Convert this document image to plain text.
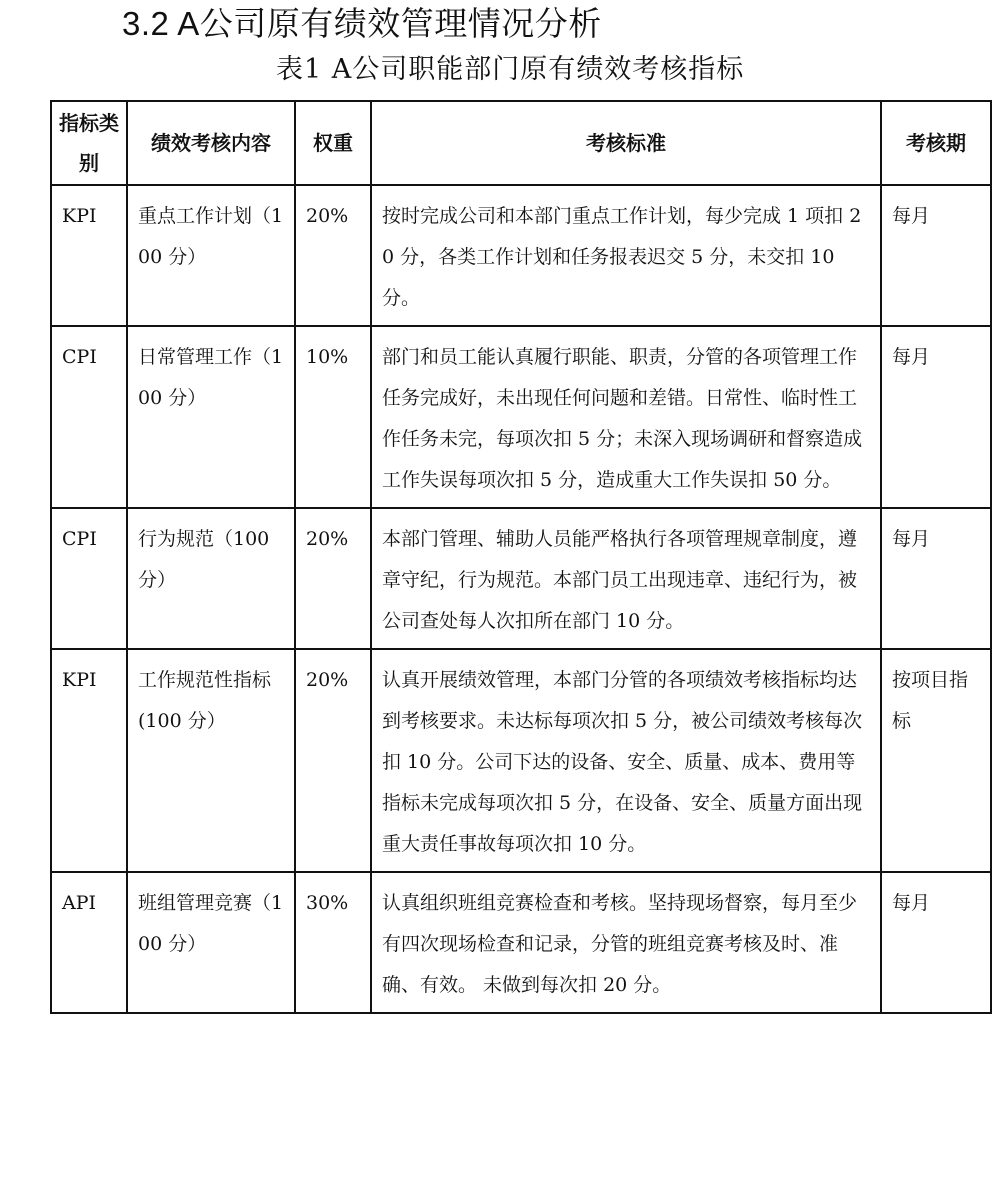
3.2 A公司原有绩效管理情况分析
表1 A公司职能部门原有绩效考核指标
指标类别	绩效考核内容	权重	考核标准	考核期
KPI	重点工作计划（100 分）	20%	按时完成公司和本部门重点工作计划，每少完成 1 项扣 20 分，各类工作计划和任务报表迟交 5 分，未交扣 10 分。	每月
CPI	日常管理工作（100 分）	10%	部门和员工能认真履行职能、职责，分管的各项管理工作任务完成好，未出现任何问题和差错。日常性、临时性工作任务未完，每项次扣 5 分；未深入现场调研和督察造成工作失误每项次扣 5 分，造成重大工作失误扣 50 分。	每月
CPI	行为规范（100 分）	20%	本部门管理、辅助人员能严格执行各项管理规章制度，遵章守纪，行为规范。本部门员工出现违章、违纪行为，被公司查处每人次扣所在部门 10 分。	每月
KPI	工作规范性指标(100 分）	20%	认真开展绩效管理，本部门分管的各项绩效考核指标均达到考核要求。未达标每项次扣 5 分，被公司绩效考核每次扣 10 分。公司下达的设备、安全、质量、成本、费用等指标未完成每项次扣 5 分，在设备、安全、质量方面出现重大责任事故每项次扣 10 分。	按项目指标
API	班组管理竞赛（100 分）	30%	认真组织班组竞赛检查和考核。坚持现场督察，每月至少有四次现场检查和记录，分管的班组竞赛考核及时、准确、有效。 未做到每次扣 20 分。	每月
